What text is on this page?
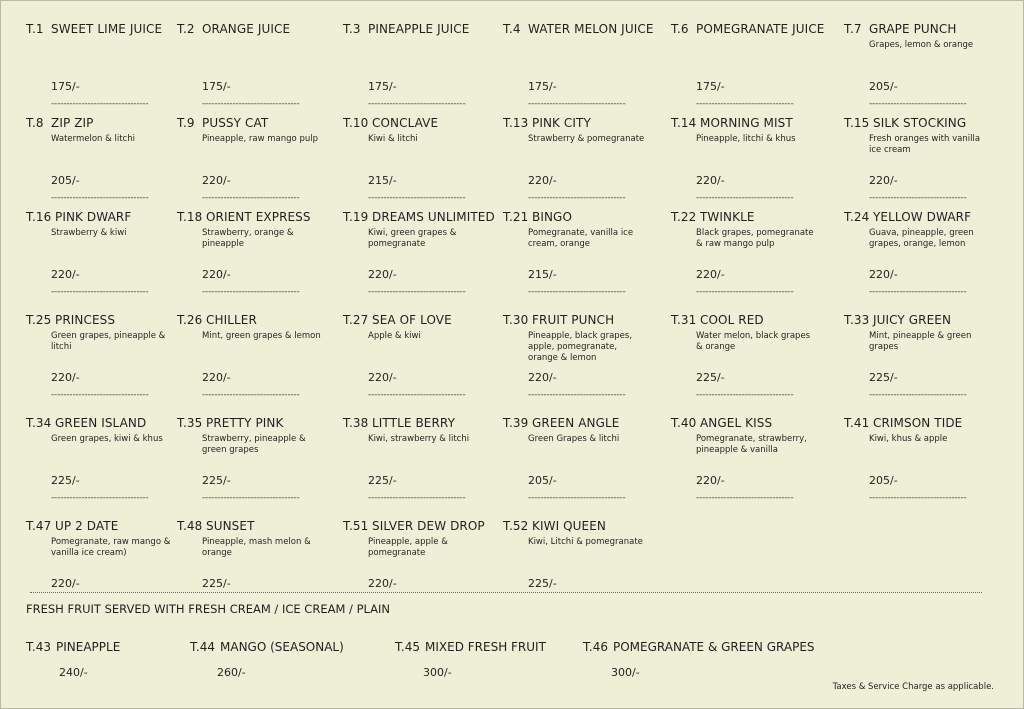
T.1 SWEET LIME JUICE
175/-
--------------------------------
T.2 ORANGE JUICE
175/-
--------------------------------
T.3 PINEAPPLE JUICE
175/-
--------------------------------
T.4 WATER MELON JUICE
175/-
--------------------------------
T.6 POMEGRANATE JUICE
175/-
--------------------------------
T.7 GRAPE PUNCH
Grapes, lemon & orange
205/-
--------------------------------
T.8 ZIP ZIP
Watermelon & litchi
205/-
--------------------------------
T.9 PUSSY CAT
Pineapple, raw mango pulp
220/-
--------------------------------
T.10 CONCLAVE
Kiwi & litchi
215/-
--------------------------------
T.13 PINK CITY
Strawberry & pomegranate
220/-
--------------------------------
T.14 MORNING MIST
Pineapple, litchi & khus
220/-
--------------------------------
T.15 SILK STOCKING
Fresh oranges with vanilla ice cream
220/-
--------------------------------
T.16 PINK DWARF
Strawberry & kiwi
220/-
--------------------------------
T.18 ORIENT EXPRESS
Strawberry, orange & pineapple
220/-
--------------------------------
T.19 DREAMS UNLIMITED
Kiwi, green grapes & pomegranate
220/-
--------------------------------
T.21 BINGO
Pomegranate, vanilla ice cream, orange
215/-
--------------------------------
T.22 TWINKLE
Black grapes, pomegranate & raw mango pulp
220/-
--------------------------------
T.24 YELLOW DWARF
Guava, pineapple, green grapes, orange, lemon
220/-
--------------------------------
T.25 PRINCESS
Green grapes, pineapple & litchi
220/-
--------------------------------
T.26 CHILLER
Mint, green grapes & lemon
220/-
--------------------------------
T.27 SEA OF LOVE
Apple & kiwi
220/-
--------------------------------
T.30 FRUIT PUNCH
Pineapple, black grapes, apple, pomegranate, orange & lemon
220/-
--------------------------------
T.31 COOL RED
Water melon, black grapes & orange
225/-
--------------------------------
T.33 JUICY GREEN
Mint, pineapple & green grapes
225/-
--------------------------------
T.34 GREEN ISLAND
Green grapes, kiwi & khus
225/-
--------------------------------
T.35 PRETTY PINK
Strawberry, pineapple & green grapes
225/-
--------------------------------
T.38 LITTLE BERRY
Kiwi, strawberry & litchi
225/-
--------------------------------
T.39 GREEN ANGLE
Green Grapes & litchi
205/-
--------------------------------
T.40 ANGEL KISS
Pomegranate, strawberry, pineapple & vanilla
220/-
--------------------------------
T.41 CRIMSON TIDE
Kiwi, khus & apple
205/-
--------------------------------
T.47 UP 2 DATE
Pomegranate, raw mango & vanilla ice cream)
220/-
T.48 SUNSET
Pineapple, mash melon & orange
225/-
T.51 SILVER DEW DROP
Pineapple, apple & pomegranate
220/-
T.52 KIWI QUEEN
Kiwi, Litchi & pomegranate
225/-
FRESH FRUIT SERVED WITH FRESH CREAM / ICE CREAM / PLAIN
T.43 PINEAPPLE
240/-
T.44 MANGO (SEASONAL)
260/-
T.45 MIXED FRESH FRUIT
300/-
T.46 POMEGRANATE & GREEN GRAPES
300/-
Taxes & Service Charge as applicable.
